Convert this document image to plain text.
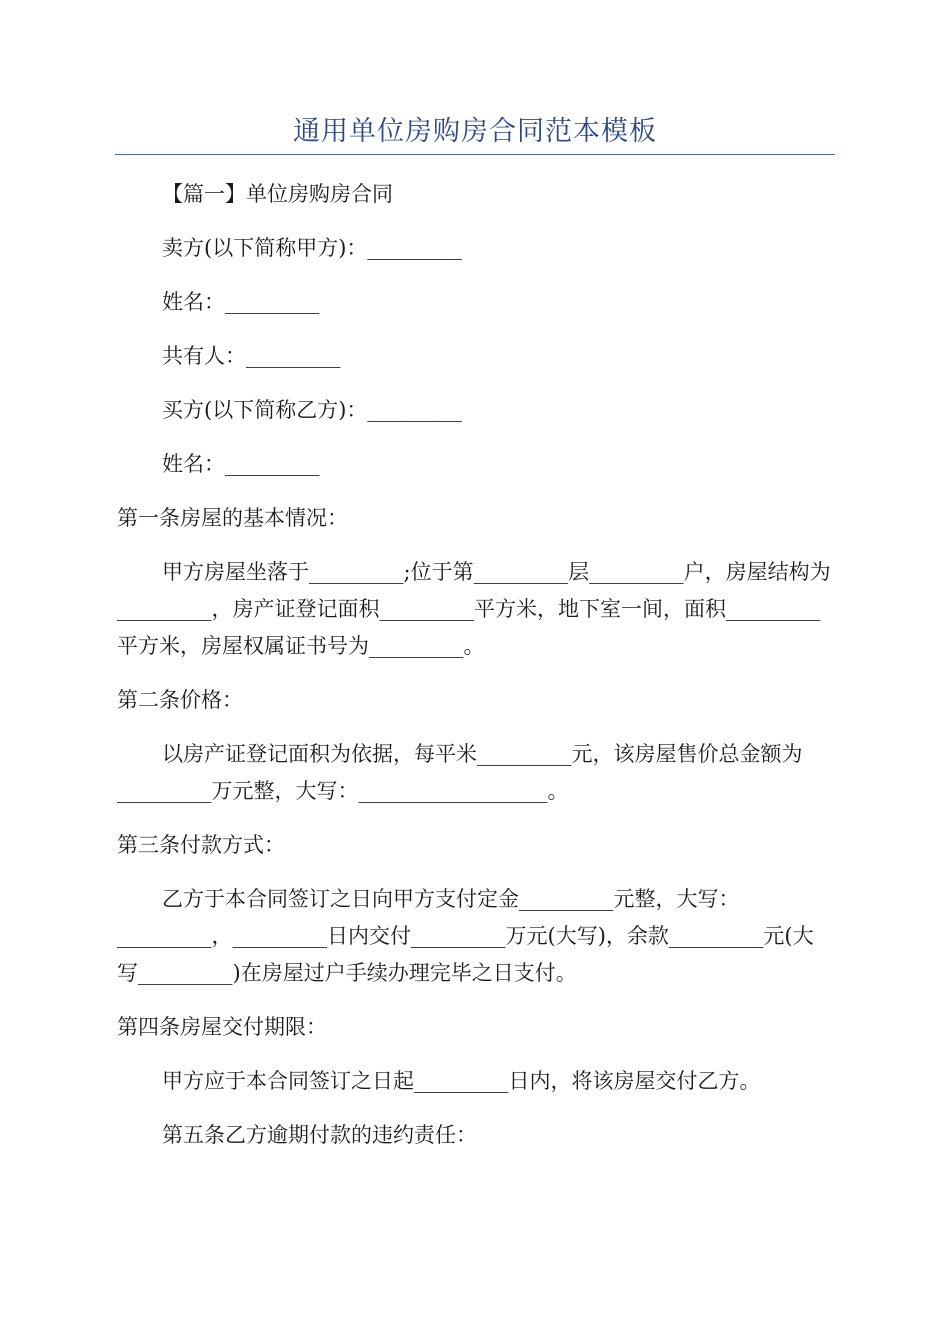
通用单位房购房合同范本模板

【篇一】单位房购房合同

卖方(以下简称甲方)：_________

姓名：_________

共有人：_________

买方(以下简称乙方)：_________

姓名：_________

第一条房屋的基本情况：

甲方房屋坐落于_________;位于第_________层_________户，房屋结构为_________，房产证登记面积_________平方米，地下室一间，面积_________平方米，房屋权属证书号为_________。

第二条价格：

以房产证登记面积为依据，每平米_________元，该房屋售价总金额为_________万元整，大写：__________________。

第三条付款方式：

乙方于本合同签订之日向甲方支付定金_________元整，大写：_________，_________日内交付_________万元(大写)，余款_________元(大写_________)在房屋过户手续办理完毕之日支付。

第四条房屋交付期限：

甲方应于本合同签订之日起_________日内，将该房屋交付乙方。

第五条乙方逾期付款的违约责任：
